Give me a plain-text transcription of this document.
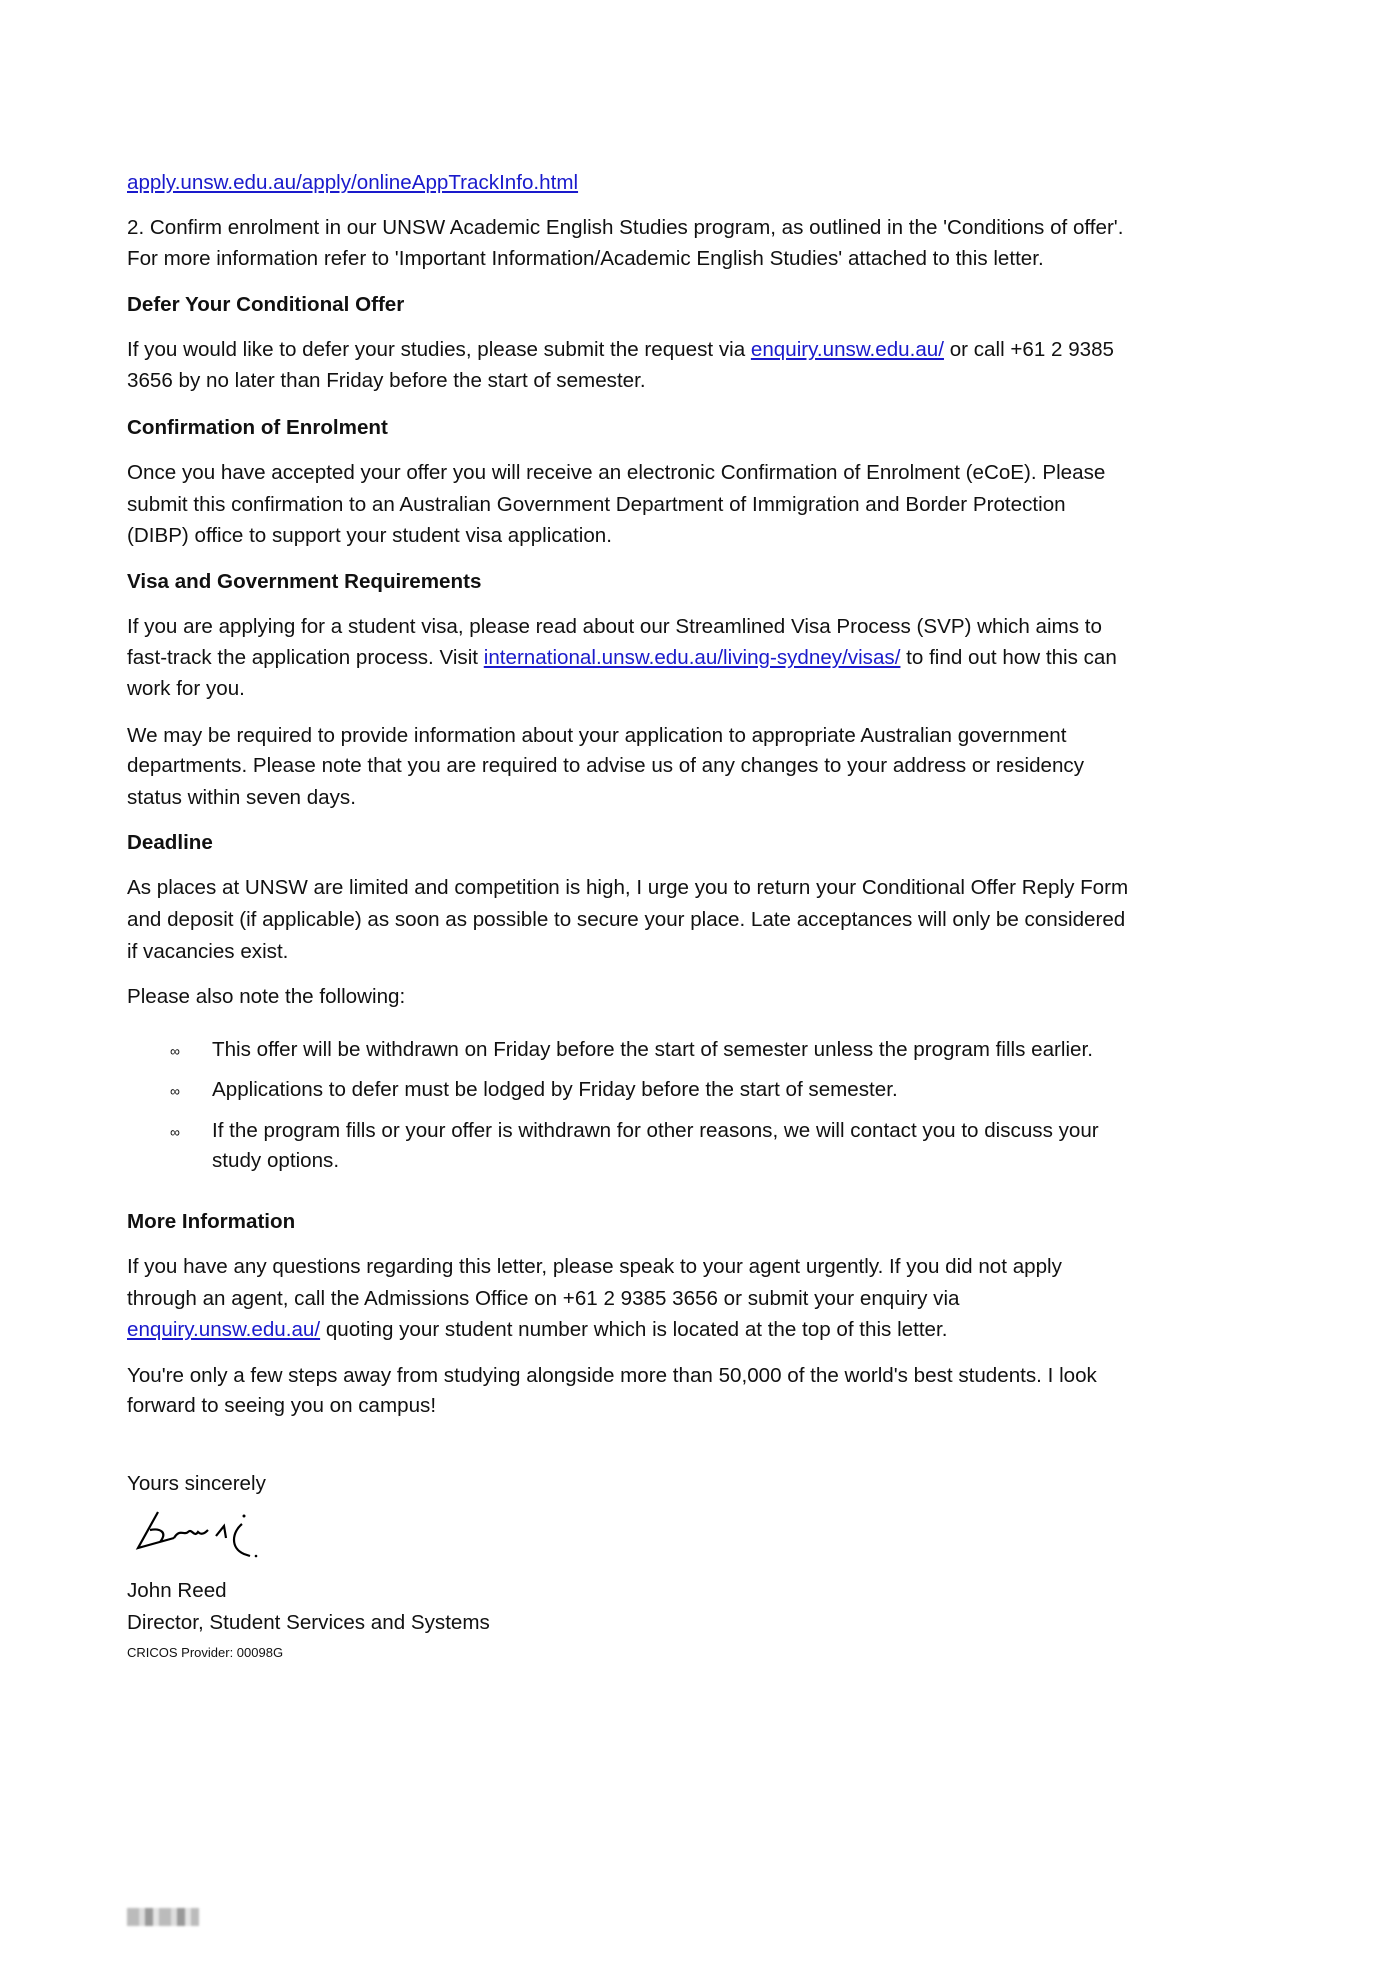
apply.unsw.edu.au/apply/onlineAppTrackInfo.html
2. Confirm enrolment in our UNSW Academic English Studies program, as outlined in the 'Conditions of offer'.
For more information refer to 'Important Information/Academic English Studies' attached to this letter.
Defer Your Conditional Offer
If you would like to defer your studies, please submit the request via enquiry.unsw.edu.au/ or call +61 2 9385
3656 by no later than Friday before the start of semester.
Confirmation of Enrolment
Once you have accepted your offer you will receive an electronic Confirmation of Enrolment (eCoE). Please
submit this confirmation to an Australian Government Department of Immigration and Border Protection
(DIBP) office to support your student visa application.
Visa and Government Requirements
If you are applying for a student visa, please read about our Streamlined Visa Process (SVP) which aims to
fast-track the application process. Visit international.unsw.edu.au/living-sydney/visas/ to find out how this can
work for you.
We may be required to provide information about your application to appropriate Australian government
departments. Please note that you are required to advise us of any changes to your address or residency
status within seven days.
Deadline
As places at UNSW are limited and competition is high, I urge you to return your Conditional Offer Reply Form
and deposit (if applicable) as soon as possible to secure your place. Late acceptances will only be considered
if vacancies exist.
Please also note the following:
∞ This offer will be withdrawn on Friday before the start of semester unless the program fills earlier.
∞ Applications to defer must be lodged by Friday before the start of semester.
∞ If the program fills or your offer is withdrawn for other reasons, we will contact you to discuss your
study options.
More Information
If you have any questions regarding this letter, please speak to your agent urgently. If you did not apply
through an agent, call the Admissions Office on +61 2 9385 3656 or submit your enquiry via
enquiry.unsw.edu.au/ quoting your student number which is located at the top of this letter.
You're only a few steps away from studying alongside more than 50,000 of the world's best students. I look
forward to seeing you on campus!
Yours sincerely
John Reed
Director, Student Services and Systems
CRICOS Provider: 00098G
